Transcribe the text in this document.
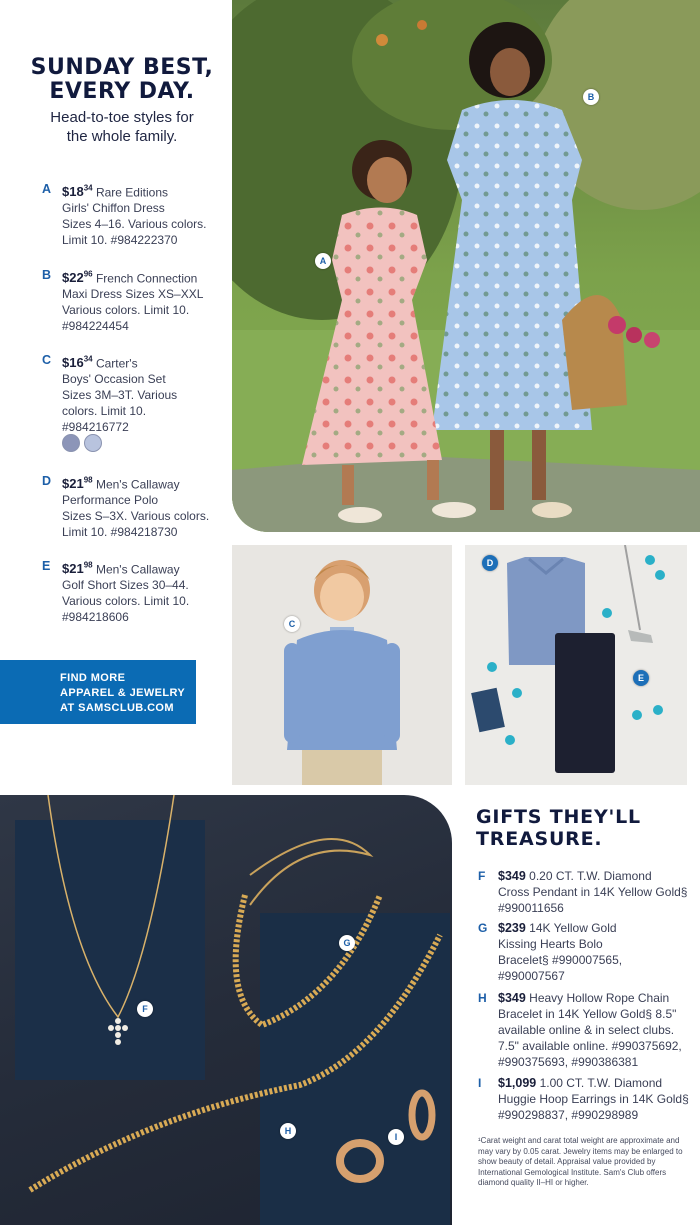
SUNDAY BEST,
EVERY DAY.
Head-to-toe styles for
the whole family.
A $\$18^{34}$ Rare Editions
Girls' Chiffon Dress
Sizes 4–16. Various colors.
Limit 10. #984222370
B $\$22^{96}$ French Connection
Maxi Dress Sizes XS–XXL
Various colors. Limit 10.
#984224454
C $\$16^{34}$ Carter's
Boys' Occasion Set
Sizes 3M–3T. Various
colors. Limit 10.
#984216772
D $\$21^{98}$ Men's Callaway
Performance Polo
Sizes S–3X. Various colors.
Limit 10. #984218730
E $\$21^{98}$ Men's Callaway
Golf Short Sizes 30–44.
Various colors. Limit 10.
#984218606
FIND MORE
APPAREL & JEWELRY
AT SAMSCLUB.COM
B
A
C
D
E
F
G
H
I
GIFTS THEY'LL
TREASURE.
F $349 0.20 CT. T.W. Diamond
Cross Pendant in 14K Yellow Gold§
#990011656
G $239 14K Yellow Gold
Kissing Hearts Bolo
Bracelet§ #990007565,
#990007567
H $349 Heavy Hollow Rope Chain
Bracelet in 14K Yellow Gold§ 8.5"
available online & in select clubs.
7.5" available online. #990375692,
#990375693, #990386381
I $1,099 1.00 CT. T.W. Diamond
Huggie Hoop Earrings in 14K Gold§
#990298837, #990298989
¹Carat weight and carat total weight are approximate and may vary by 0.05 carat. Jewelry items may be enlarged to show beauty of detail. Appraisal value provided by International Gemological Institute. Sam's Club offers diamond quality II–HI or higher.
